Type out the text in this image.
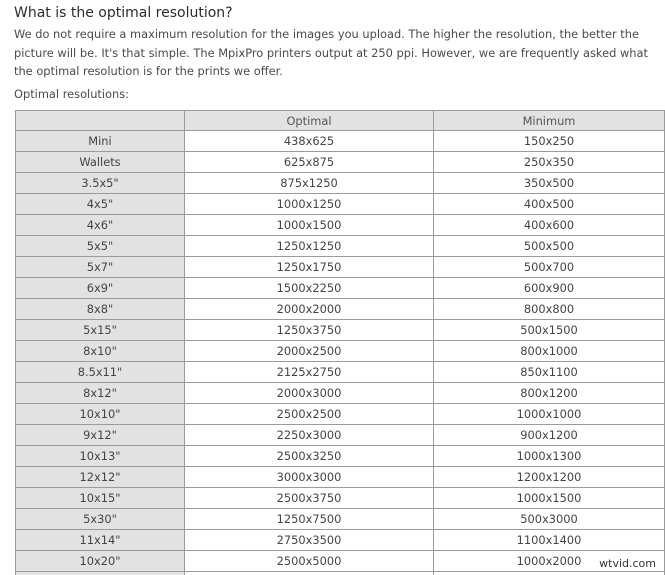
What is the optimal resolution?

We do not require a maximum resolution for the images you upload. The higher the resolution, the better the picture will be. It's that simple. The MpixPro printers output at 250 ppi. However, we are frequently asked what the optimal resolution is for the prints we offer.

Optimal resolutions:

	Optimal	Minimum
Mini	438x625	150x250
Wallets	625x875	250x350
3.5x5"	875x1250	350x500
4x5"	1000x1250	400x500
4x6"	1000x1500	400x600
5x5"	1250x1250	500x500
5x7"	1250x1750	500x700
6x9"	1500x2250	600x900
8x8"	2000x2000	800x800
5x15"	1250x3750	500x1500
8x10"	2000x2500	800x1000
8.5x11"	2125x2750	850x1100
8x12"	2000x3000	800x1200
10x10"	2500x2500	1000x1000
9x12"	2250x3000	900x1200
10x13"	2500x3250	1000x1300
12x12"	3000x3000	1200x1200
10x15"	2500x3750	1000x1500
5x30"	1250x7500	500x3000
11x14"	2750x3500	1100x1400
10x20"	2500x5000	1000x2000
			wtvid.com
